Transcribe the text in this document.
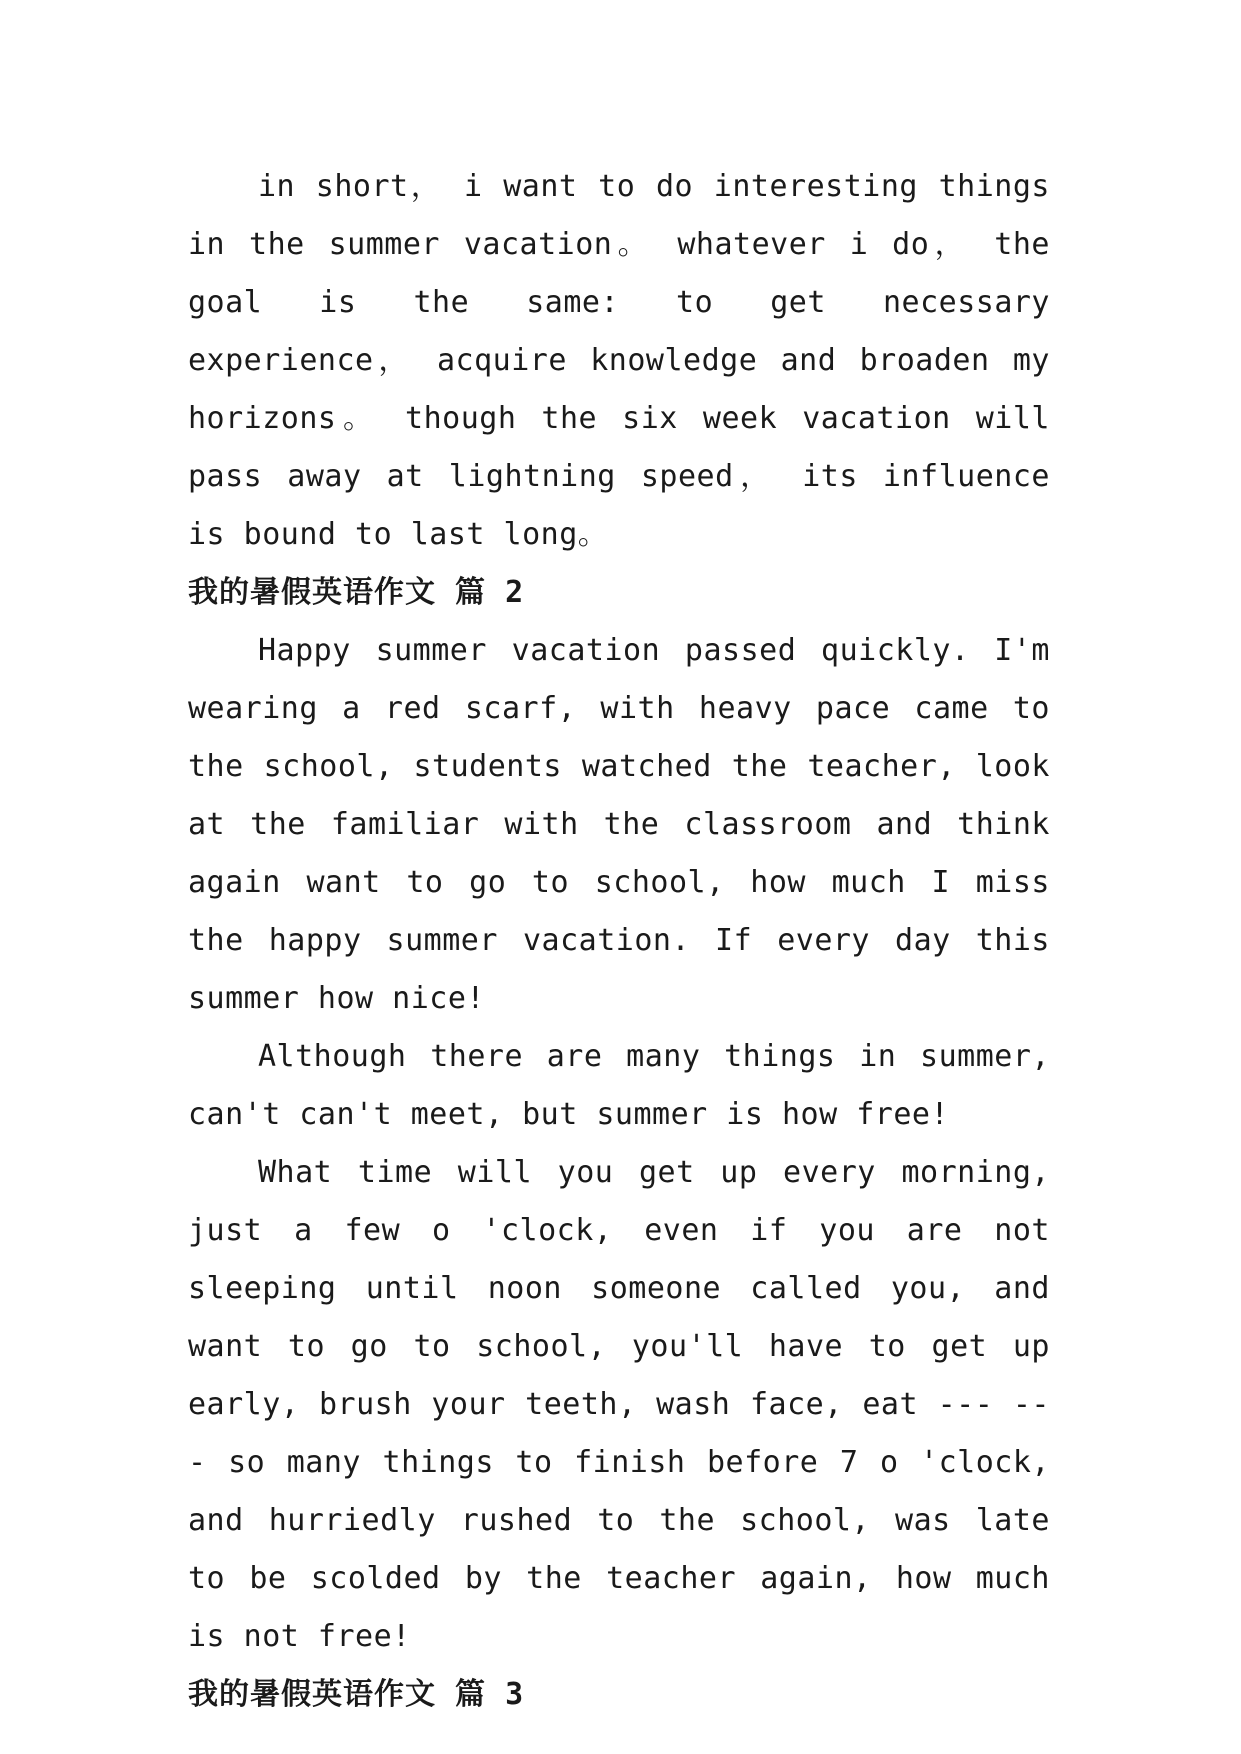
in short， i want to do interesting things in the summer vacation。 whatever i do， the goal is the same: to get necessary experience， acquire knowledge and broaden my horizons。 though the six week vacation will pass away at lightning speed， its influence is bound to last long。

我的暑假英语作文 篇 2

Happy summer vacation passed quickly. I'm wearing a red scarf, with heavy pace came to the school, students watched the teacher, look at the familiar with the classroom and think again want to go to school, how much I miss the happy summer vacation. If every day this summer how nice!

Although there are many things in summer, can't can't meet, but summer is how free!

What time will you get up every morning, just a few o 'clock, even if you are not sleeping until noon someone called you, and want to go to school, you'll have to get up early, brush your teeth, wash face, eat --- --- so many things to finish before 7 o 'clock, and hurriedly rushed to the school, was late to be scolded by the teacher again, how much is not free!

我的暑假英语作文 篇 3
